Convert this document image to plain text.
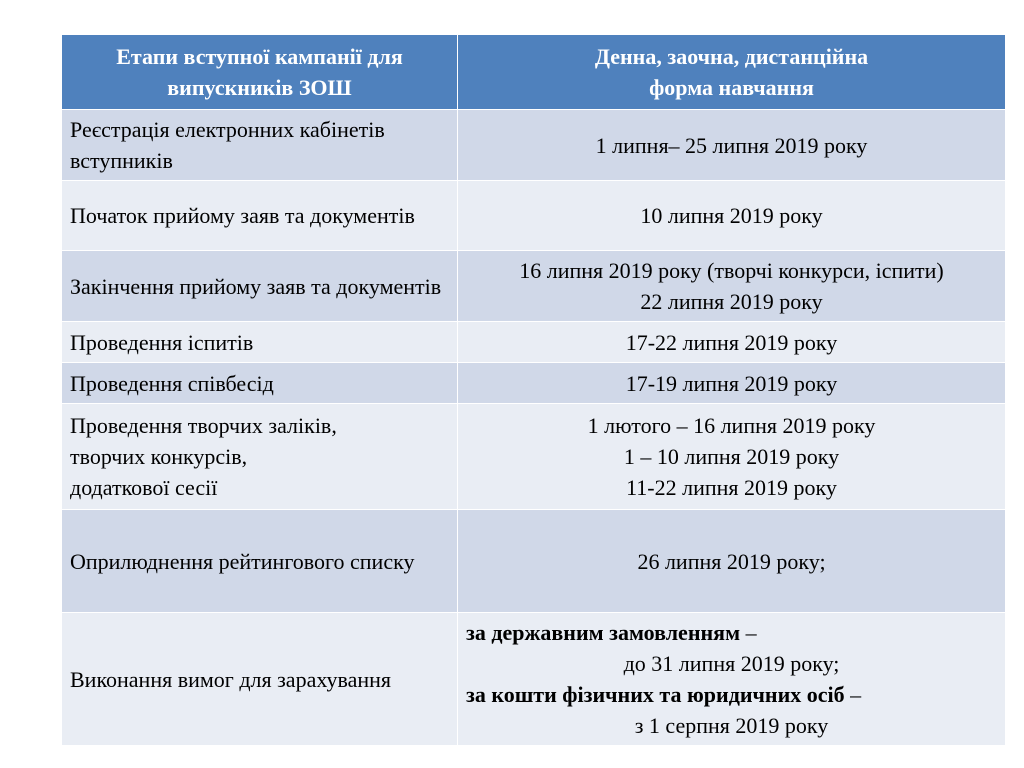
Етапи вступної кампанії для
випускників ЗОШ	Денна, заочна, дистанційна
форма навчання

Реєстрація електронних кабінетів вступників	1 липня– 25 липня 2019 року
Початок прийому заяв та документів	10 липня 2019 року
Закінчення прийому заяв та документів	16 липня 2019 року (творчі конкурси, іспити)
22 липня 2019 року

Проведення іспитів	17-22 липня 2019 року
Проведення співбесід	17-19 липня 2019 року

Проведення творчих заліків,
творчих конкурсів,
додаткової сесії	1 лютого – 16 липня 2019 року
1 – 10 липня 2019 року
11-22 липня 2019 року

Оприлюднення рейтингового списку	26 липня 2019 року;
Виконання вимог для зарахування	за державним замовленням –
до 31 липня 2019 року;
за кошти фізичних та юридичних осіб –
з 1 серпня 2019 року
